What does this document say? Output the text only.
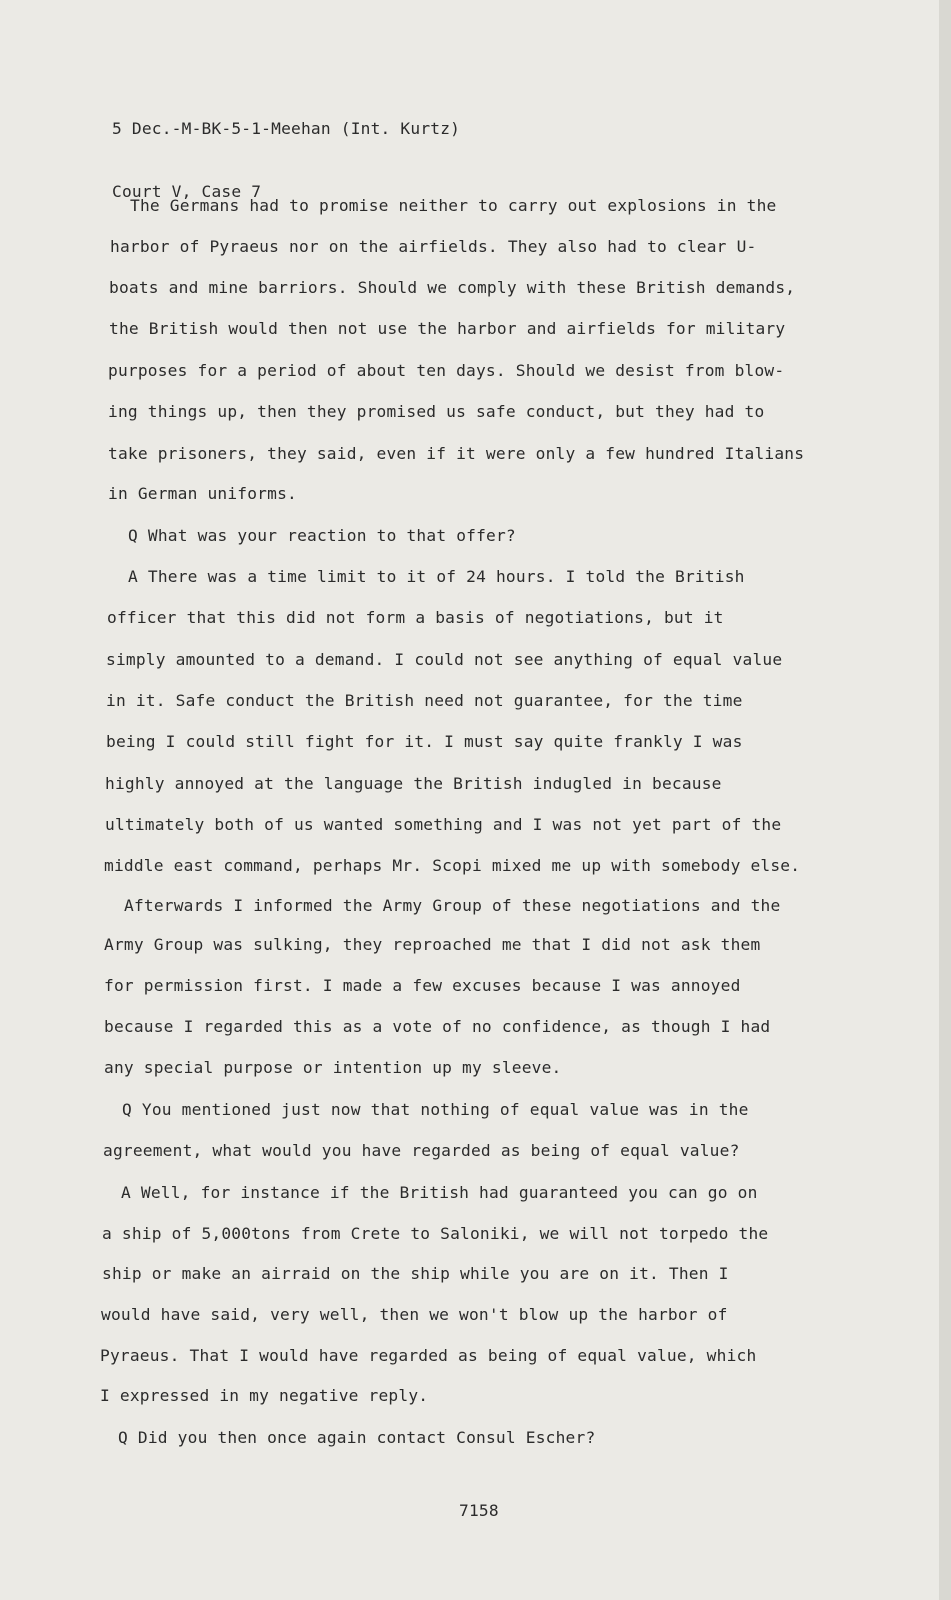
5 Dec.-M-BK-5-1-Meehan (Int. Kurtz)

Court V, Case 7

The Germans had to promise neither to carry out explosions in the

harbor of Pyraeus nor on the airfields. They also had to clear U-

boats and mine barriors. Should we comply with these British demands,

the British would then not use the harbor and airfields for military

purposes for a period of about ten days. Should we desist from blow-

ing things up, then they promised us safe conduct, but they had to

take prisoners, they said, even if it were only a few hundred Italians

in German uniforms.

Q What was your reaction to that offer?

A There was a time limit to it of 24 hours. I told the British

officer that this did not form a basis of negotiations, but it

simply amounted to a demand. I could not see anything of equal value

in it. Safe conduct the British need not guarantee, for the time

being I could still fight for it. I must say quite frankly I was

highly annoyed at the language the British indugled in because

ultimately both of us wanted something and I was not yet part of the

middle east command, perhaps Mr. Scopi mixed me up with somebody else.

Afterwards I informed the Army Group of these negotiations and the

Army Group was sulking, they reproached me that I did not ask them

for permission first. I made a few excuses because I was annoyed

because I regarded this as a vote of no confidence, as though I had

any special purpose or intention up my sleeve.

Q You mentioned just now that nothing of equal value was in the

agreement, what would you have regarded as being of equal value?

A Well, for instance if the British had guaranteed you can go on

a ship of 5,000tons from Crete to Saloniki, we will not torpedo the

ship or make an airraid on the ship while you are on it. Then I

would have said, very well, then we won't blow up the harbor of

Pyraeus. That I would have regarded as being of equal value, which

I expressed in my negative reply.

Q Did you then once again contact Consul Escher?

7158
